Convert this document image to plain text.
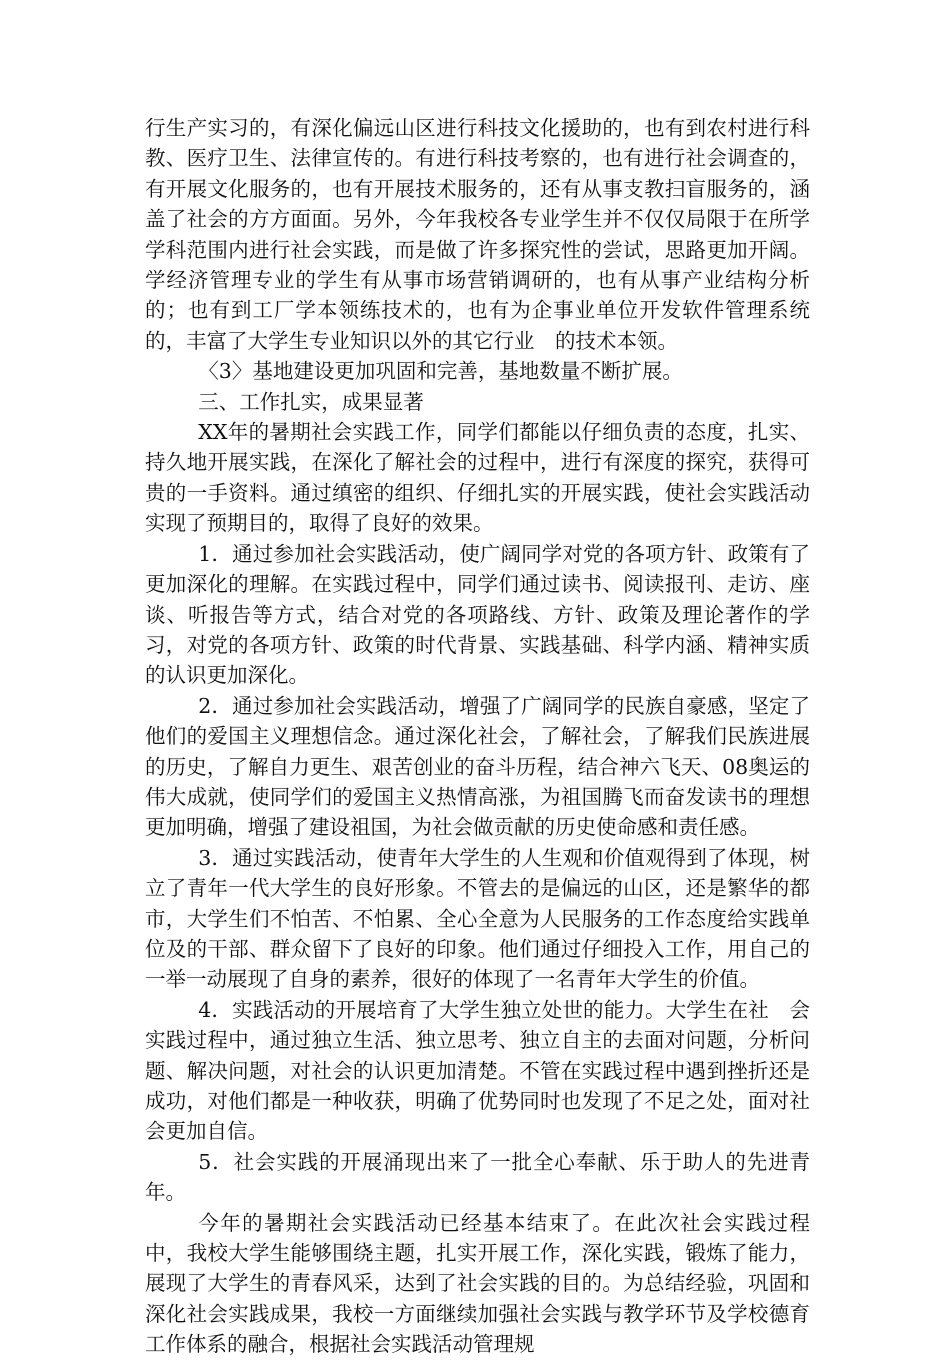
行生产实习的，有深化偏远山区进行科技文化援助的，也有到农村进行科教、医疗卫生、法律宣传的。有进行科技考察的，也有进行社会调查的，有开展文化服务的，也有开展技术服务的，还有从事支教扫盲服务的，涵盖了社会的方方面面。另外，今年我校各专业学生并不仅仅局限于在所学学科范围内进行社会实践，而是做了许多探究性的尝试，思路更加开阔。学经济管理专业的学生有从事市场营销调研的，也有从事产业结构分析的；也有到工厂学本领练技术的，也有为企事业单位开发软件管理系统的，丰富了大学生专业知识以外的其它行业　的技术本领。

〈3〉基地建设更加巩固和完善，基地数量不断扩展。

三、工作扎实，成果显著

XX年的暑期社会实践工作，同学们都能以仔细负责的态度，扎实、持久地开展实践，在深化了解社会的过程中，进行有深度的探究，获得可贵的一手资料。通过缜密的组织、仔细扎实的开展实践，使社会实践活动实现了预期目的，取得了良好的效果。

1．通过参加社会实践活动，使广阔同学对党的各项方针、政策有了更加深化的理解。在实践过程中，同学们通过读书、阅读报刊、走访、座谈、听报告等方式，结合对党的各项路线、方针、政策及理论著作的学习，对党的各项方针、政策的时代背景、实践基础、科学内涵、精神实质的认识更加深化。

2．通过参加社会实践活动，增强了广阔同学的民族自豪感，坚定了他们的爱国主义理想信念。通过深化社会，了解社会，了解我们民族进展的历史，了解自力更生、艰苦创业的奋斗历程，结合神六飞天、08奥运的伟大成就，使同学们的爱国主义热情高涨，为祖国腾飞而奋发读书的理想更加明确，增强了建设祖国，为社会做贡献的历史使命感和责任感。

3．通过实践活动，使青年大学生的人生观和价值观得到了体现，树立了青年一代大学生的良好形象。不管去的是偏远的山区，还是繁华的都市，大学生们不怕苦、不怕累、全心全意为人民服务的工作态度给实践单位及的干部、群众留下了良好的印象。他们通过仔细投入工作，用自己的一举一动展现了自身的素养，很好的体现了一名青年大学生的价值。

4．实践活动的开展培育了大学生独立处世的能力。大学生在社　会实践过程中，通过独立生活、独立思考、独立自主的去面对问题，分析问题、解决问题，对社会的认识更加清楚。不管在实践过程中遇到挫折还是成功，对他们都是一种收获，明确了优势同时也发现了不足之处，面对社会更加自信。

5．社会实践的开展涌现出来了一批全心奉献、乐于助人的先进青年。

今年的暑期社会实践活动已经基本结束了。在此次社会实践过程中，我校大学生能够围绕主题，扎实开展工作，深化实践，锻炼了能力，展现了大学生的青春风采，达到了社会实践的目的。为总结经验，巩固和深化社会实践成果，我校一方面继续加强社会实践与教学环节及学校德育工作体系的融合，根据社会实践活动管理规
